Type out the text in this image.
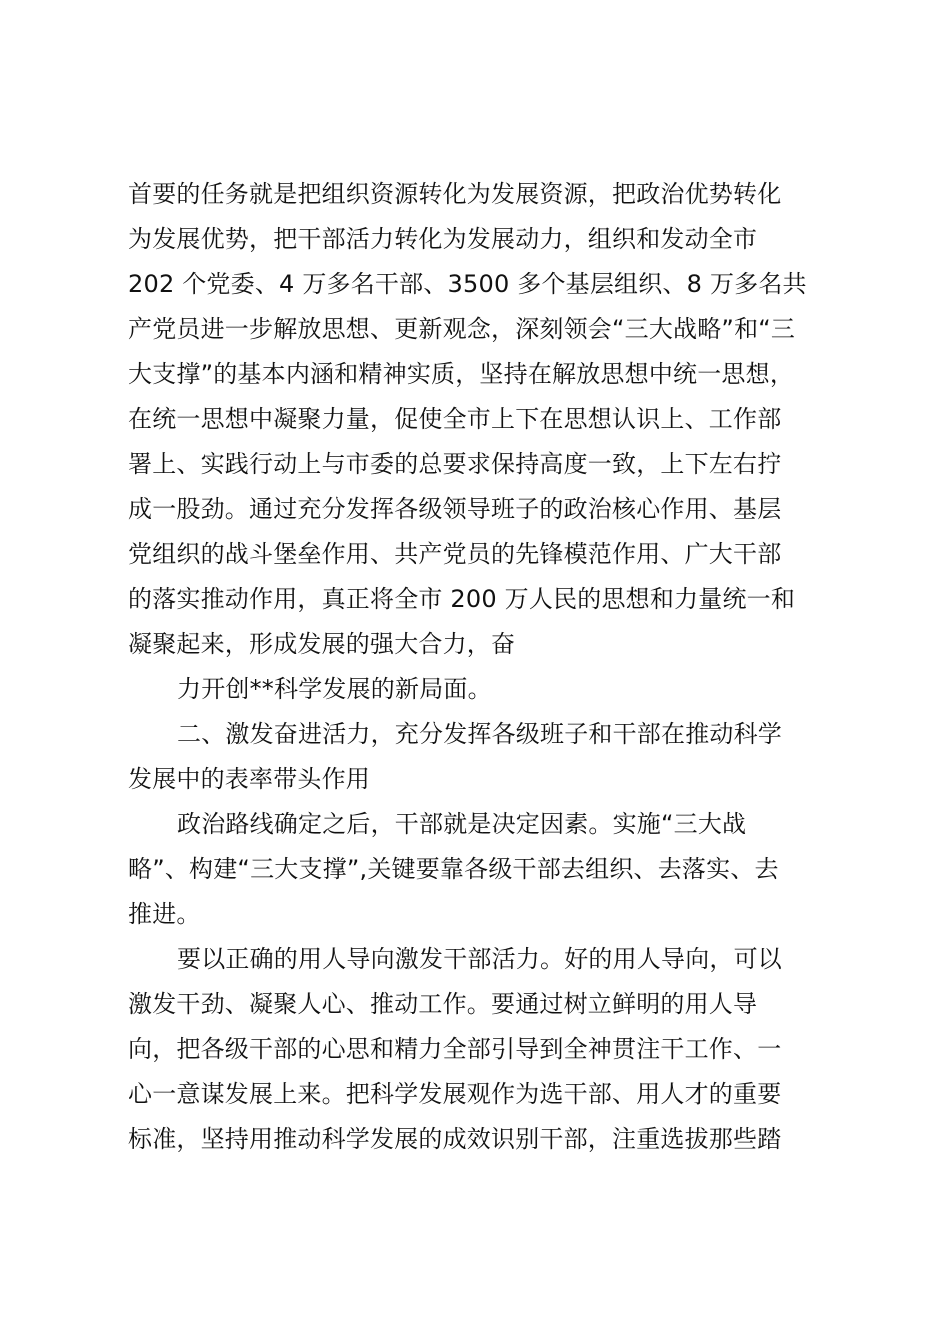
首要的任务就是把组织资源转化为发展资源，把政治优势转化
为发展优势，把干部活力转化为发展动力，组织和发动全市
202 个党委、4 万多名干部、3500 多个基层组织、8 万多名共
产党员进一步解放思想、更新观念，深刻领会“三大战略”和“三
大支撑”的基本内涵和精神实质，坚持在解放思想中统一思想，
在统一思想中凝聚力量，促使全市上下在思想认识上、工作部
署上、实践行动上与市委的总要求保持高度一致，上下左右拧
成一股劲。通过充分发挥各级领导班子的政治核心作用、基层
党组织的战斗堡垒作用、共产党员的先锋模范作用、广大干部
的落实推动作用，真正将全市 200 万人民的思想和力量统一和
凝聚起来，形成发展的强大合力，奋
力开创**科学发展的新局面。
二、激发奋进活力，充分发挥各级班子和干部在推动科学
发展中的表率带头作用
政治路线确定之后，干部就是决定因素。实施“三大战
略”、构建“三大支撑”,关键要靠各级干部去组织、去落实、去
推进。
要以正确的用人导向激发干部活力。好的用人导向，可以
激发干劲、凝聚人心、推动工作。要通过树立鲜明的用人导
向，把各级干部的心思和精力全部引导到全神贯注干工作、一
心一意谋发展上来。把科学发展观作为选干部、用人才的重要
标准，坚持用推动科学发展的成效识别干部，注重选拔那些踏
